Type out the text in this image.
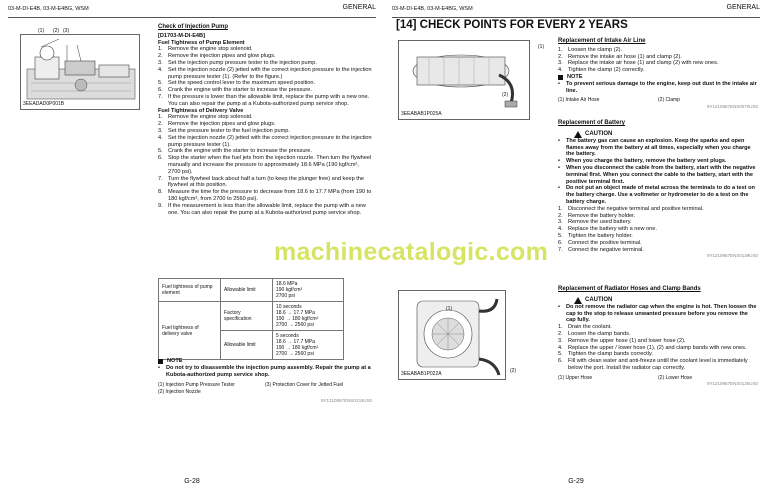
03-M-DI-E4B, 03-M-E4BG, WSM	GENERAL
3EEADAD0P001B
(1) (2) (3)
Check of Injection Pump
[D1703-M-DI-E4B]
Fuel Tightness of Pump Element
1. Remove the engine stop solenoid.
2. Remove the injection pipes and glow plugs.
3. Set the injection pump pressure tester to the injection pump.
4. Set the injection nozzle (2) jetted with the correct injection pressure to the injection pump pressure tester (1). (Refer to the figure.)
5. Set the speed control lever to the maximum speed position.
6. Crank the engine with the starter to increase the pressure.
7. If the pressure is lower than the allowable limit, replace the pump with a new one. You can also repair the pump at a Kubota-authorized pump service shop.
Fuel Tightness of Delivery Valve
1. Remove the engine stop solenoid.
2. Remove the injection pipes and glow plugs.
3. Set the pressure tester to the fuel injection pump.
4. Set the injection nozzle (2) jetted with the correct injection pressure to the injection pump pressure tester (1).
5. Crank the engine with the starter to increase the pressure.
6. Stop the starter when the fuel jets from the injection nozzle. Then turn the flywheel manually and increase the pressure to approximately 18.6 MPa (190 kgf/cm², 2700 psi).
7. Turn the flywheel back about half a turn (to keep the plunger free) and keep the flywheel at this position.
8. Measure the time for the pressure to decrease from 18.6 to 17.7 MPa (from 190 to 180 kgf/cm², from 2700 to 2560 psi).
9. If the measurement is less than the allowable limit, replace the pump with a new one. You can also repair the pump at a Kubota-authorized pump service shop.
Fuel tightness of pump element	Allowable limit	18.6 MPa
190 kgf/cm²
2700 psi
Fuel tightness of delivery valve	Factory specification	10 seconds
18.6 → 17.7 MPa
190 → 180 kgf/cm²
2700 → 2560 psi
	Allowable limit	5 seconds
18.6 → 17.7 MPa
190 → 180 kgf/cm²
2700 → 2560 psi
NOTE
•	Do not try to disassemble the injection pump assembly. Repair the pump at a Kubota-authorized pump service shop.
(1) Injection Pump Pressure Tester	(3) Protection Cover for Jetted Fuel
(2) Injection Nozzle
9Y1210967ENS0134US0
G-28
03-M-DI-E4B, 03-M-E4BG, WSM	GENERAL
[14] CHECK POINTS FOR EVERY 2 YEARS
3EEABAB1P025A
(1)
(2)
Replacement of Intake Air Line
1. Loosen the clamp (2).
2. Remove the intake air hose (1) and clamp (2).
3. Replace the intake air hose (1) and clamp (2) with new ones.
4. Tighten the clamp (2) correctly.
NOTE
•	To prevent serious damage to the engine, keep out dust in the intake air line.
(1) Intake Air Hose	(2) Clamp
9Y1210967ENS0070US0
Replacement of Battery
CAUTION
•	The battery gas can cause an explosion. Keep the sparks and open flames away from the battery at all times, especially when you charge the battery.
•	When you charge the battery, remove the battery vent plugs.
•	When you disconnect the cable from the battery, start with the negative terminal first. When you connect the cable to the battery, start with the positive terminal first.
•	Do not put an object made of metal across the terminals to do a test on the battery charge. Use a voltmeter or hydrometer to do a test on the battery charge.
1. Disconnect the negative terminal and positive terminal.
2. Remove the battery holder.
3. Remove the used battery.
4. Replace the battery with a new one.
5. Tighten the battery holder.
6. Connect the positive terminal.
7. Connect the negative terminal.
9Y1210967ENS0139US0
3EEABAB1P022A
(1)
(2)
Replacement of Radiator Hoses and Clamp Bands
CAUTION
•	Do not remove the radiator cap when the engine is hot. Then loosen the cap to the stop to release unwanted pressure before you remove the cap fully.
1. Drain the coolant.
2. Loosen the clamp bands.
3. Remove the upper hose (1) and lower hose (2).
4. Replace the upper / lower hose (1), (2) and clamp bands with new ones.
5. Tighten the clamp bands correctly.
6. Fill with clean water and anti-freeze untill the coolant level is immediately below the port. Install the radiator cap correctly.
(1) Upper Hose	(2) Lower Hose
9Y1210967ENS0135US0
G-29
machinecatalogic.com
